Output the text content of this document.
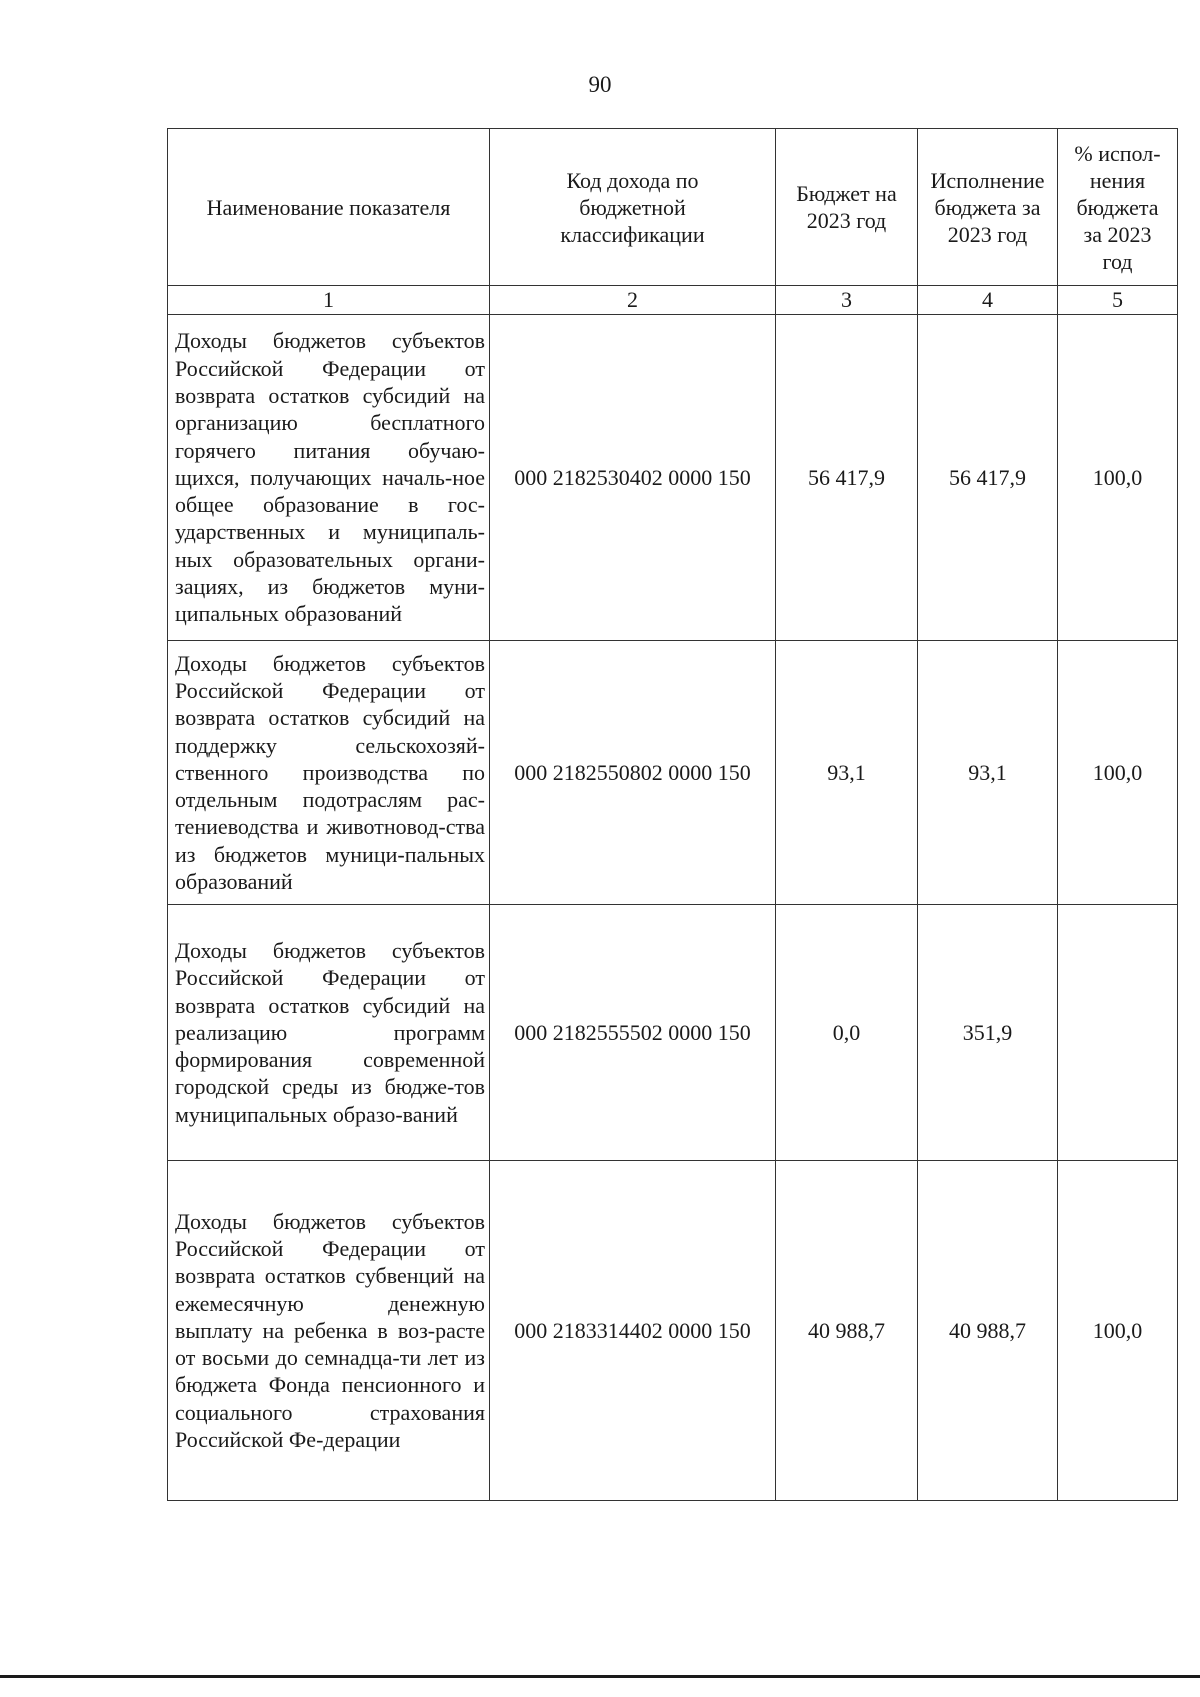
90
Наименование показателя	Код дохода по бюджетной классификации	Бюджет на 2023 год	Исполнение бюджета за 2023 год	% испол-нения бюджета за 2023 год
1	2	3	4	5
Доходы бюджетов субъектов Российской Федерации от возврата остатков субсидий на организацию бесплатного горячего питания обучаю-щихся, получающих началь-ное общее образование в гос-ударственных и муниципаль-ных образовательных органи-зациях, из бюджетов муни-ципальных образований	000 2182530402 0000 150	56 417,9	56 417,9	100,0
Доходы бюджетов субъектов Российской Федерации от возврата остатков субсидий на поддержку сельскохозяй-ственного производства по отдельным подотраслям рас-тениеводства и животновод-ства из бюджетов муници-пальных образований	000 2182550802 0000 150	93,1	93,1	100,0
Доходы бюджетов субъектов Российской Федерации от возврата остатков субсидий на реализацию программ формирования современной городской среды из бюдже-тов муниципальных образо-ваний	000 2182555502 0000 150	0,0	351,9	
Доходы бюджетов субъектов Российской Федерации от возврата остатков субвенций на ежемесячную денежную выплату на ребенка в воз-расте от восьми до семнадца-ти лет из бюджета Фонда пенсионного и социального страхования Российской Фе-дерации	000 2183314402 0000 150	40 988,7	40 988,7	100,0
